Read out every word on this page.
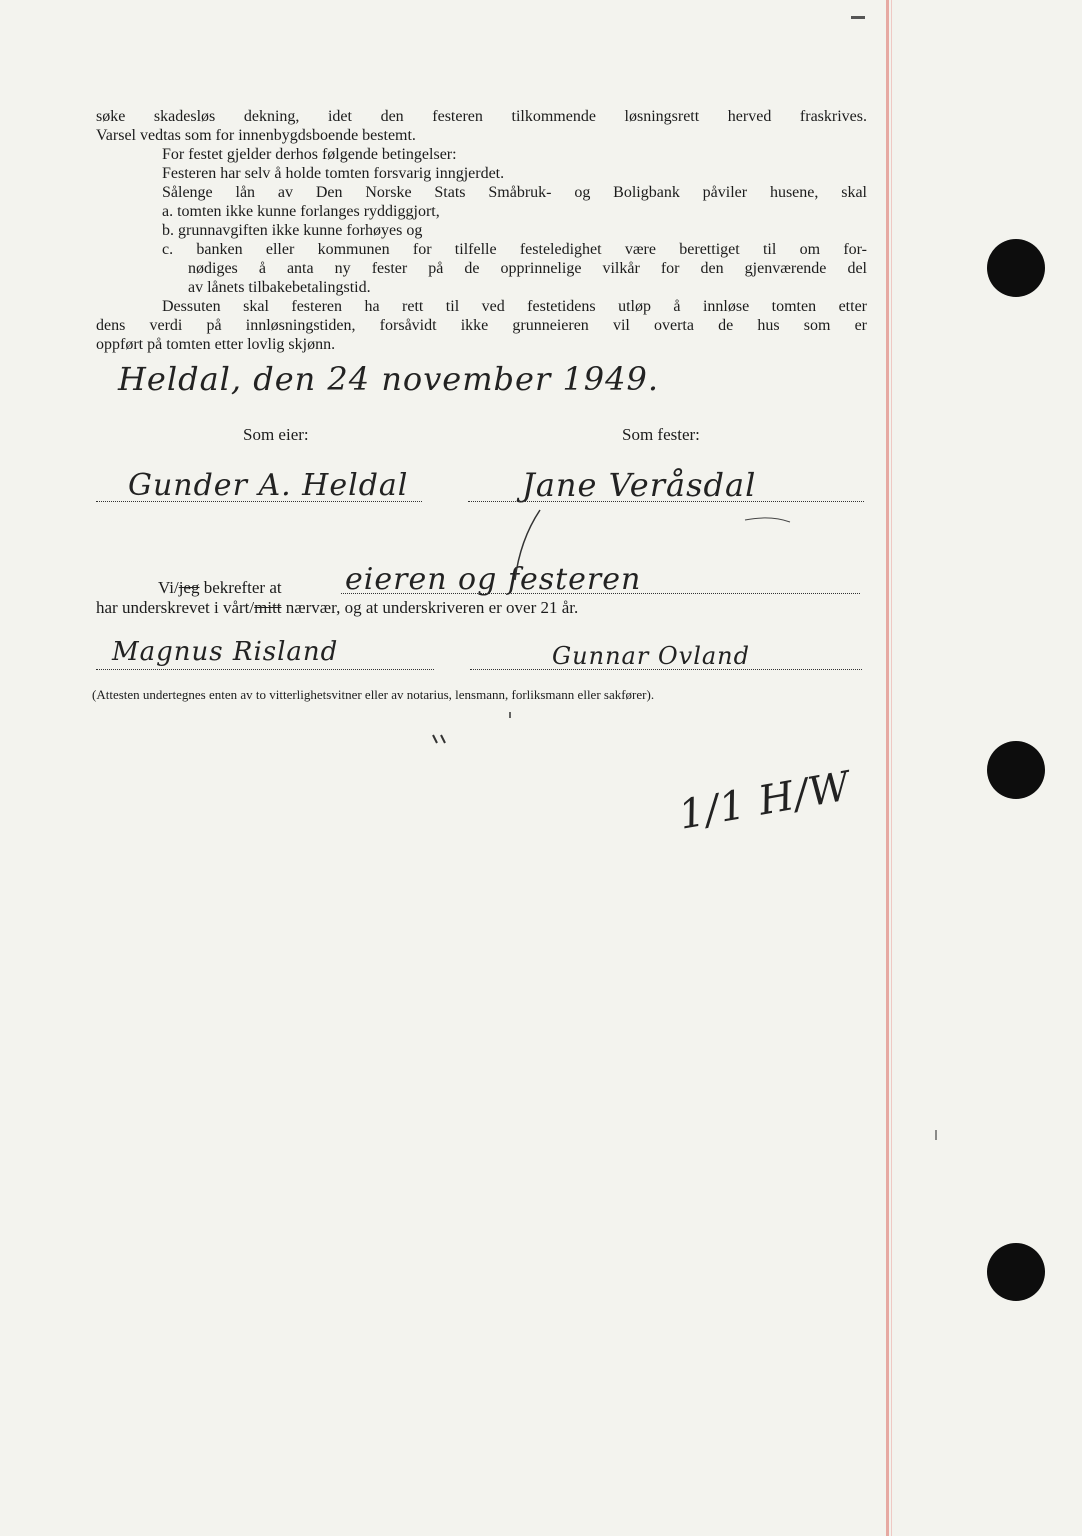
søke skadesløs dekning, idet den festeren tilkommende løsningsrett herved fraskrives.
Varsel vedtas som for innenbygdsboende bestemt.
For festet gjelder derhos følgende betingelser:
Festeren har selv å holde tomten forsvarig inngjerdet.
Sålenge lån av Den Norske Stats Småbruk- og Boligbank påviler husene, skal
a. tomten ikke kunne forlanges ryddiggjort,
b. grunnavgiften ikke kunne forhøyes og
c. banken eller kommunen for tilfelle festeledighet være berettiget til om for-
nødiges å anta ny fester på de opprinnelige vilkår for den gjenværende del
av lånets tilbakebetalingstid.
Dessuten skal festeren ha rett til ved festetidens utløp å innløse tomten etter
dens verdi på innløsningstiden, forsåvidt ikke grunneieren vil overta de hus som er
oppført på tomten etter lovlig skjønn.
Heldal, den 24 november 1949.
Som eier:	Som fester:
Gunder A. Heldal	Jane Veråsdal
Vi/jeg bekrefter at eieren og festeren
har underskrevet i vårt/mitt nærvær, og at underskriveren er over 21 år.
Magnus Risland	Gunnar Ovland
(Attesten undertegnes enten av to vitterlighetsvitner eller av notarius, lensmann, forliksmann eller sakfører).
1/1 H/W
